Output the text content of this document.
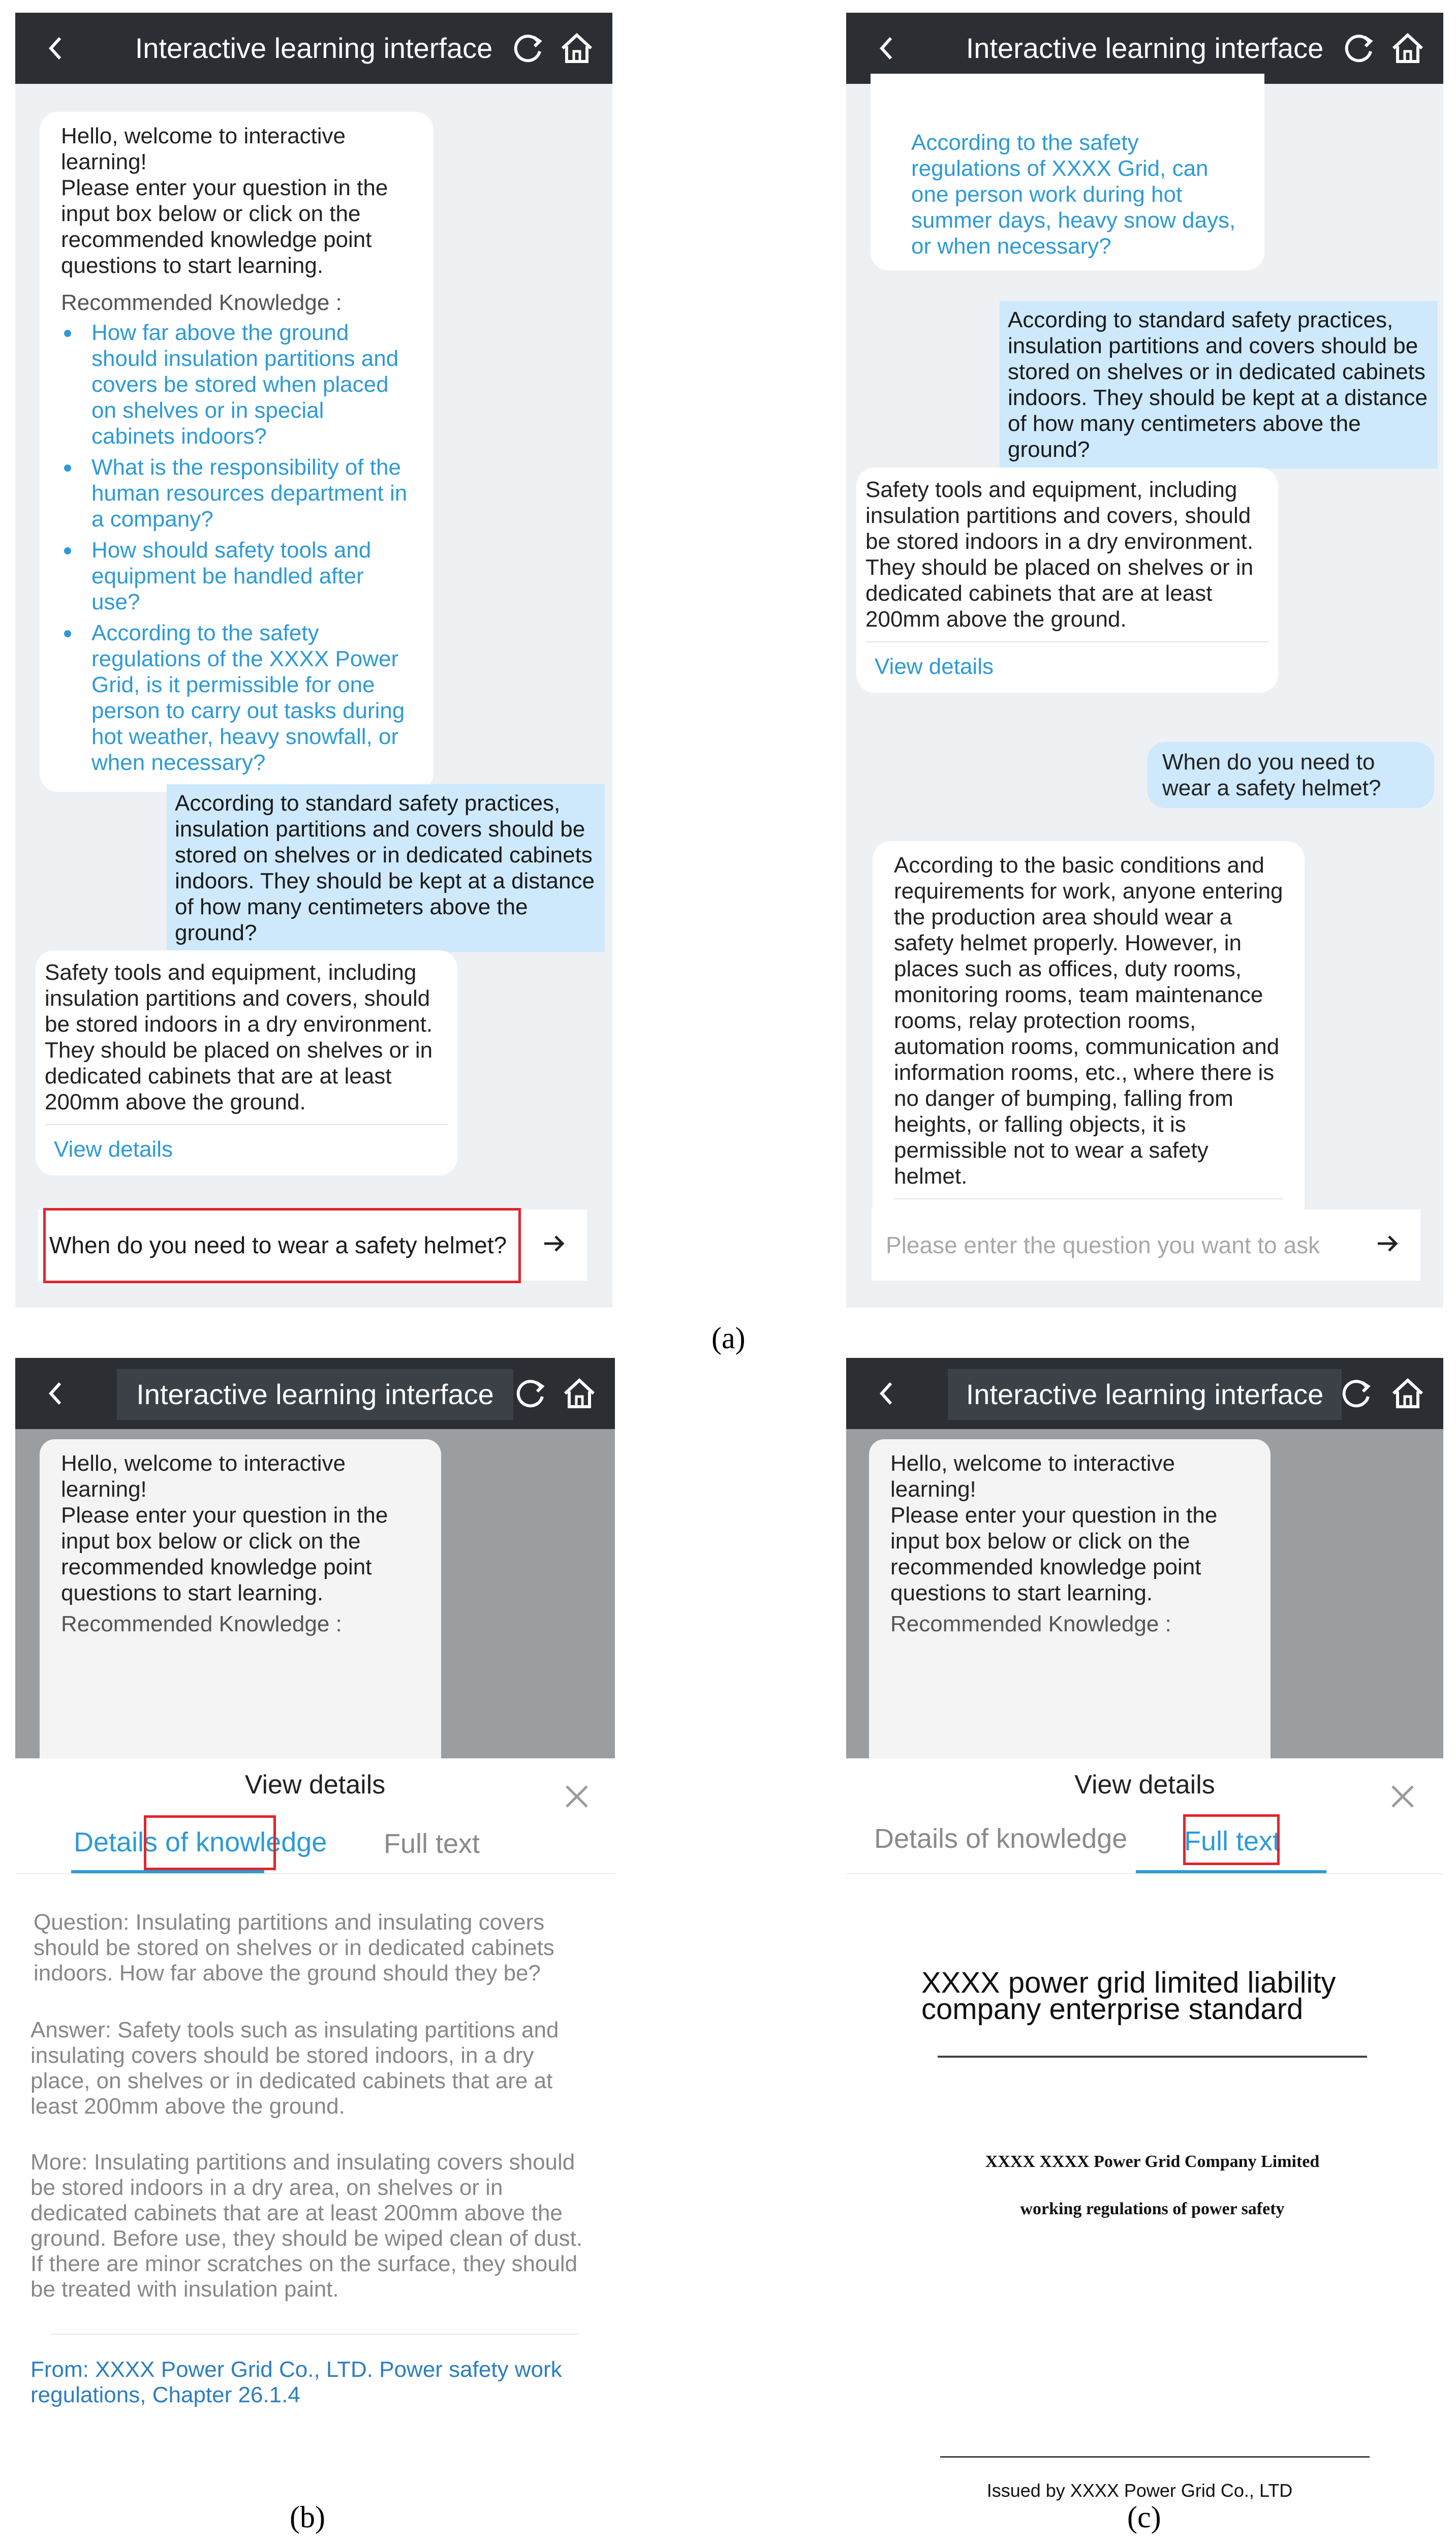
Interactive learning interface
Hello, welcome to interactive learning!
Please enter your question in the input box below or click on the recommended knowledge point questions to start learning.
Recommended Knowledge :
How far above the ground should insulation partitions and covers be stored when placed on shelves or in special cabinets indoors?
What is the responsibility of the human resources department in a company?
How should safety tools and equipment be handled after use?
According to the safety regulations of the XXXX Power Grid, is it permissible for one person to carry out tasks during hot weather, heavy snowfall, or when necessary?
According to standard safety practices, insulation partitions and covers should be stored on shelves or in dedicated cabinets indoors. They should be kept at a distance of how many centimeters above the ground?
Safety tools and equipment, including insulation partitions and covers, should be stored indoors in a dry environment. They should be placed on shelves or in dedicated cabinets that are at least 200mm above the ground.
View details
When do you need to wear a safety helmet?
Interactive learning interface
According to the safety regulations of XXXX Grid, can one person work during hot summer days, heavy snow days, or when necessary?
According to standard safety practices, insulation partitions and covers should be stored on shelves or in dedicated cabinets indoors. They should be kept at a distance of how many centimeters above the ground?
Safety tools and equipment, including insulation partitions and covers, should be stored indoors in a dry environment. They should be placed on shelves or in dedicated cabinets that are at least 200mm above the ground.
View details
When do you need to wear a safety helmet?
According to the basic conditions and requirements for work, anyone entering the production area should wear a safety helmet properly. However, in places such as offices, duty rooms, monitoring rooms, team maintenance rooms, relay protection rooms, automation rooms, communication and information rooms, etc., where there is no danger of bumping, falling from heights, or falling objects, it is permissible not to wear a safety helmet.
Please enter the question you want to ask
(a)
Interactive learning interface
Hello, welcome to interactive learning!
Please enter your question in the input box below or click on the recommended knowledge point questions to start learning.
Recommended Knowledge :
View details
Details of knowledge Full text
Question: Insulating partitions and insulating covers should be stored on shelves or in dedicated cabinets indoors. How far above the ground should they be?
Answer: Safety tools such as insulating partitions and insulating covers should be stored indoors, in a dry place, on shelves or in dedicated cabinets that are at least 200mm above the ground.
More: Insulating partitions and insulating covers should be stored indoors in a dry area, on shelves or in dedicated cabinets that are at least 200mm above the ground. Before use, they should be wiped clean of dust. If there are minor scratches on the surface, they should be treated with insulation paint.
From: XXXX Power Grid Co., LTD. Power safety work regulations, Chapter 26.1.4
(b)
Interactive learning interface
Hello, welcome to interactive learning!
Please enter your question in the input box below or click on the recommended knowledge point questions to start learning.
Recommended Knowledge :
View details
Details of knowledge Full text
XXXX power grid limited liability
company enterprise standard
XXXX XXXX Power Grid Company Limited
working regulations of power safety
Issued by XXXX Power Grid Co., LTD
(c)
